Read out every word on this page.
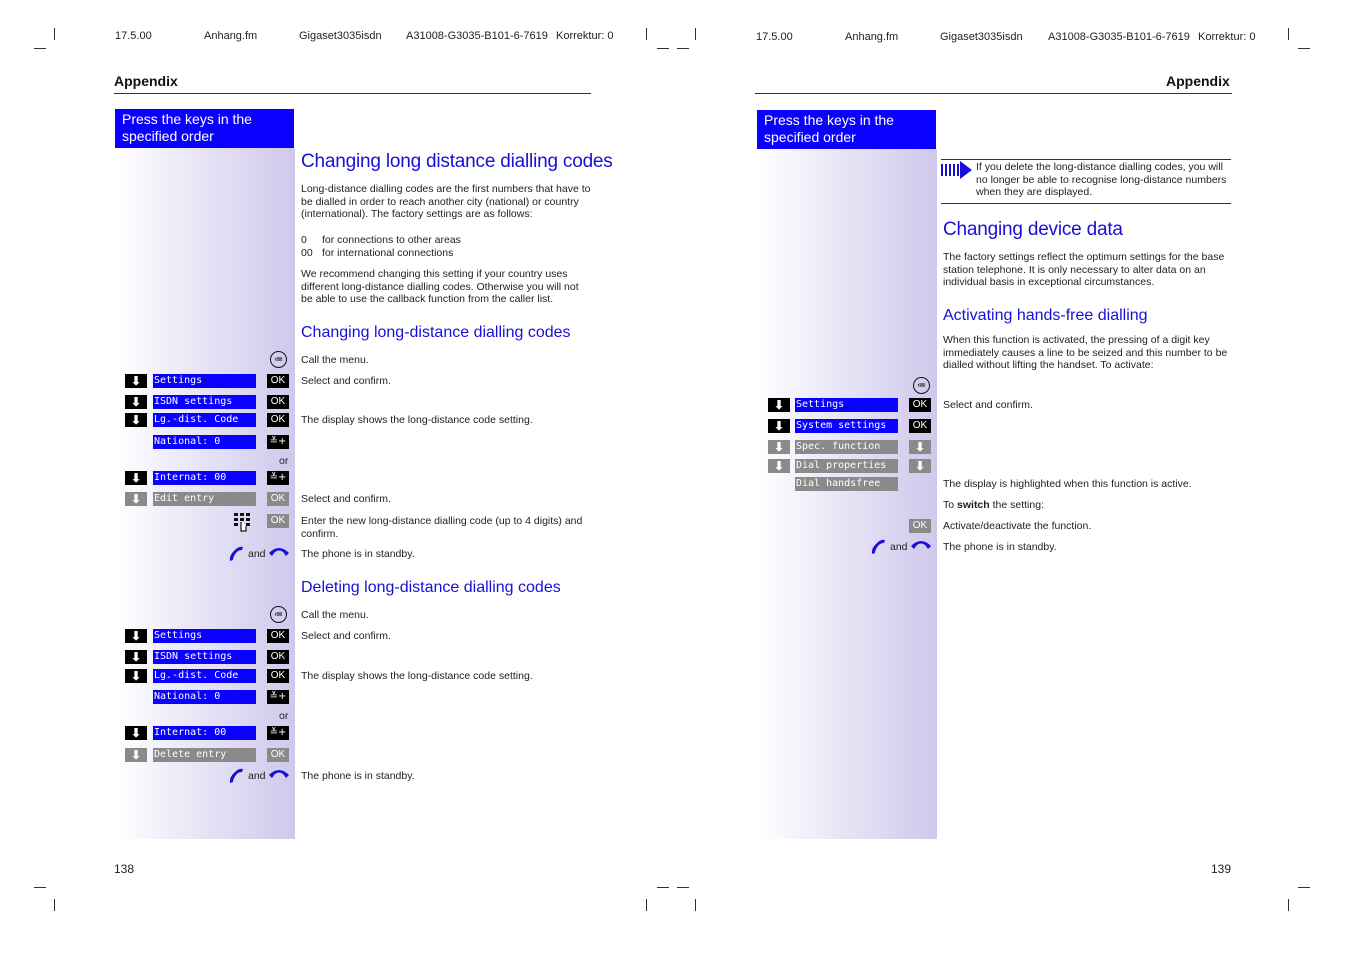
17.5.00	Anhang.fm	Gigaset3035isdn A31008-G3035-B101-6-7619 Korrektur: 0
Appendix
Press the keys in the specified order
Changing long distance dialling codes
Long-distance dialling codes are the first numbers that have to be dialled in order to reach another city (national) or country (international). The factory settings are as follows:
0 for connections to other areas
00 for international connections
We recommend changing this setting if your country uses different long-distance dialling codes. Otherwise you will not be able to use the callback function from the caller list.
Changing long-distance dialling codes
≔	Call the menu.
⬇	Settings	OK	Select and confirm.
⬇	ISDN settings	OK
⬇	Lg.-dist. Code	OK	The display shows the long-distance code setting.
National: 0	≚+
or
⬇	Internat: 00	≚+
⬇	Edit entry	OK	Select and confirm.
OK	Enter the new long-distance dialling code (up to 4 digits) and confirm.
and	The phone is in standby.
Deleting long-distance dialling codes
≔	Call the menu.
⬇	Settings	OK	Select and confirm.
⬇	ISDN settings	OK
⬇	Lg.-dist. Code	OK	The display shows the long-distance code setting.
National: 0	≚+
or
⬇	Internat: 00	≚+
⬇	Delete entry	OK
and	The phone is in standby.
138
17.5.00	Anhang.fm	Gigaset3035isdn A31008-G3035-B101-6-7619 Korrektur: 0
Appendix
Press the keys in the specified order
If you delete the long-distance dialling codes, you will no longer be able to recognise long-distance numbers when they are displayed.
Changing device data
The factory settings reflect the optimum settings for the base station telephone. It is only necessary to alter data on an individual basis in exceptional circumstances.
Activating hands-free dialling
When this function is activated, the pressing of a digit key immediately causes a line to be seized and this number to be dialled without lifting the handset. To activate:
≔
⬇	Settings	OK	Select and confirm.
⬇	System settings	OK
⬇	Spec. function	⬇
⬇	Dial properties	⬇
Dial handsfree	The display is highlighted when this function is active.
To switch the setting:
OK	Activate/deactivate the function.
and	The phone is in standby.
139
